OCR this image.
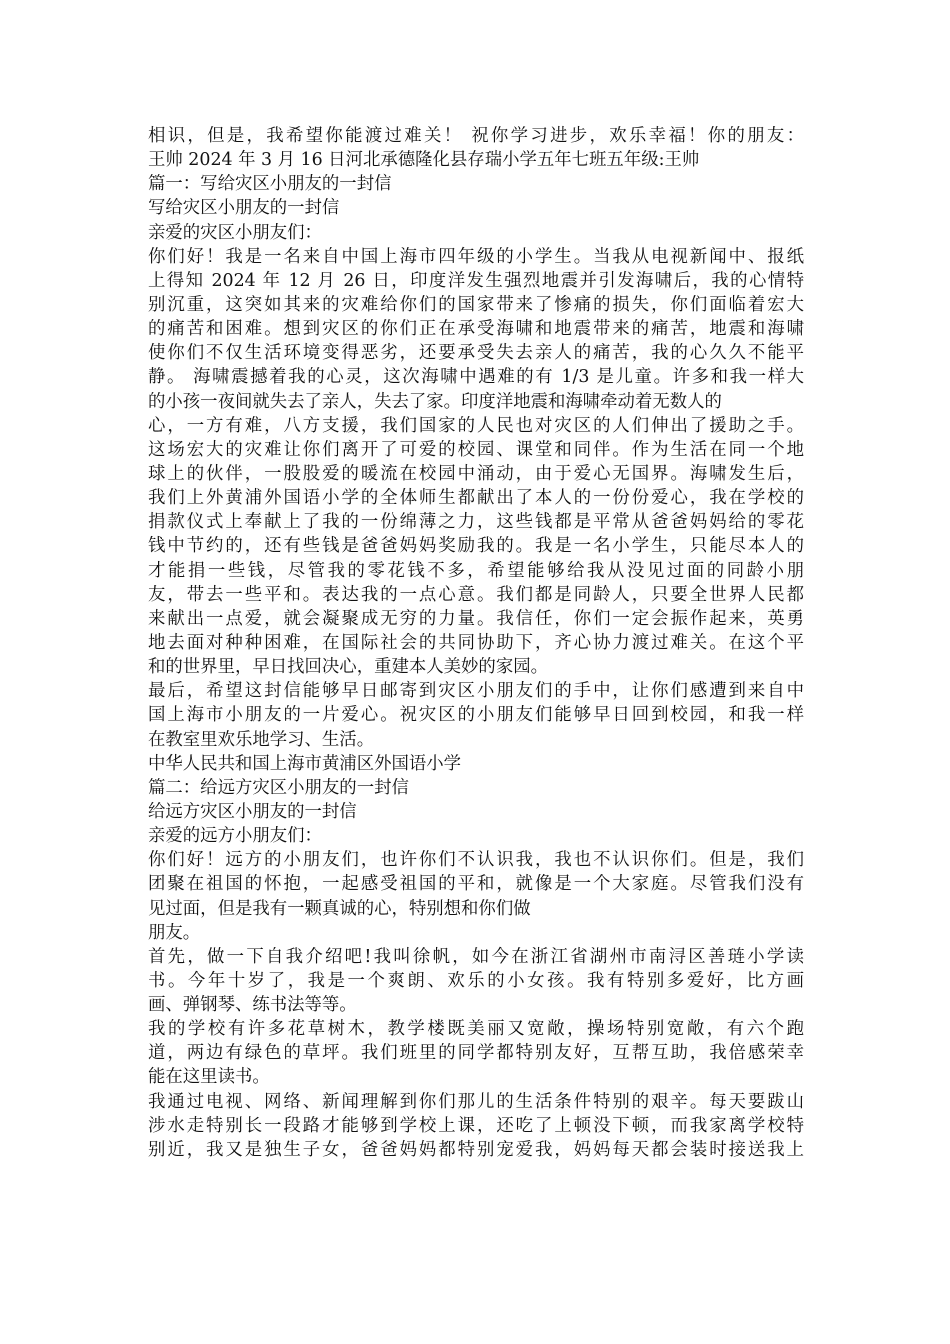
相识，但是，我希望你能渡过难关！ 祝你学习进步，欢乐幸福！你的朋友：
王帅 2024 年 3 月 16 日河北承德隆化县存瑞小学五年七班五年级:王帅
篇一：写给灾区小朋友的一封信
写给灾区小朋友的一封信
亲爱的灾区小朋友们：
你们好！我是一名来自中国上海市四年级的小学生。当我从电视新闻中、报纸
上得知 2024 年 12 月 26 日，印度洋发生强烈地震并引发海啸后，我的心情特
别沉重，这突如其来的灾难给你们的国家带来了惨痛的损失，你们面临着宏大
的痛苦和困难。想到灾区的你们正在承受海啸和地震带来的痛苦，地震和海啸
使你们不仅生活环境变得恶劣，还要承受失去亲人的痛苦，我的心久久不能平
静。 海啸震撼着我的心灵，这次海啸中遇难的有 1/3 是儿童。许多和我一样大
的小孩一夜间就失去了亲人，失去了家。印度洋地震和海啸牵动着无数人的
心，一方有难，八方支援，我们国家的人民也对灾区的人们伸出了援助之手。
这场宏大的灾难让你们离开了可爱的校园、课堂和同伴。作为生活在同一个地
球上的伙伴，一股股爱的暖流在校园中涌动，由于爱心无国界。海啸发生后，
我们上外黄浦外国语小学的全体师生都献出了本人的一份份爱心，我在学校的
捐款仪式上奉献上了我的一份绵薄之力，这些钱都是平常从爸爸妈妈给的零花
钱中节约的，还有些钱是爸爸妈妈奖励我的。我是一名小学生，只能尽本人的
才能捐一些钱，尽管我的零花钱不多，希望能够给我从没见过面的同龄小朋
友，带去一些平和。表达我的一点心意。我们都是同龄人，只要全世界人民都
来献出一点爱，就会凝聚成无穷的力量。我信任，你们一定会振作起来，英勇
地去面对种种困难，在国际社会的共同协助下，齐心协力渡过难关。在这个平
和的世界里，早日找回决心，重建本人美妙的家园。
最后，希望这封信能够早日邮寄到灾区小朋友们的手中，让你们感遭到来自中
国上海市小朋友的一片爱心。祝灾区的小朋友们能够早日回到校园，和我一样
在教室里欢乐地学习、生活。
中华人民共和国上海市黄浦区外国语小学
篇二：给远方灾区小朋友的一封信
给远方灾区小朋友的一封信
亲爱的远方小朋友们：
你们好！远方的小朋友们，也许你们不认识我，我也不认识你们。但是，我们
团聚在祖国的怀抱，一起感受祖国的平和，就像是一个大家庭。尽管我们没有
见过面，但是我有一颗真诚的心，特别想和你们做
朋友。
首先，做一下自我介绍吧!我叫徐帆，如今在浙江省湖州市南浔区善琏小学读
书。今年十岁了，我是一个爽朗、欢乐的小女孩。我有特别多爱好，比方画
画、弹钢琴、练书法等等。
我的学校有许多花草树木，教学楼既美丽又宽敞，操场特别宽敞，有六个跑
道，两边有绿色的草坪。我们班里的同学都特别友好，互帮互助，我倍感荣幸
能在这里读书。
我通过电视、网络、新闻理解到你们那儿的生活条件特别的艰辛。每天要跋山
涉水走特别长一段路才能够到学校上课，还吃了上顿没下顿，而我家离学校特
别近，我又是独生子女，爸爸妈妈都特别宠爱我，妈妈每天都会装时接送我上
